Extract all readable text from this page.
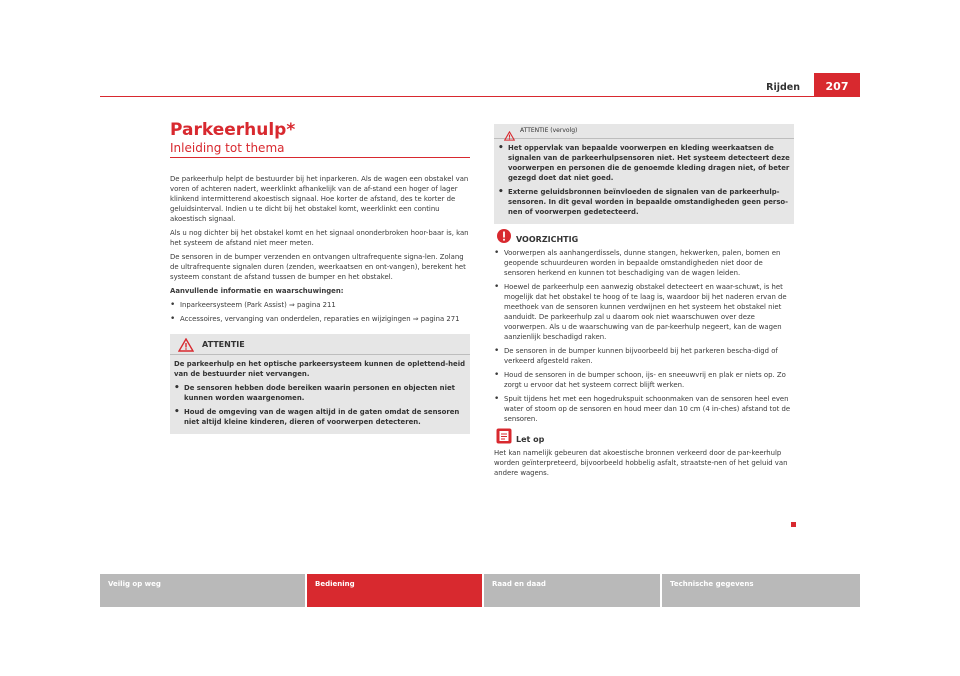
Rijden	207
Parkeerhulp*
Inleiding tot thema

De parkeerhulp helpt de bestuurder bij het inparkeren. Als de wagen een obstakel van voren of achteren nadert, weerklinkt afhankelijk van de af-stand een hoger of lager klinkend intermitterend akoestisch signaal. Hoe korter de afstand, des te korter de geluidsinterval. Indien u te dicht bij het obstakel komt, weerklinkt een continu akoestisch signaal.

Als u nog dichter bij het obstakel komt en het signaal ononderbroken hoor-baar is, kan het systeem de afstand niet meer meten.

De sensoren in de bumper verzenden en ontvangen ultrafrequente signa-len. Zolang de ultrafrequente signalen duren (zenden, weerkaatsen en ont-vangen), berekent het systeem constant de afstand tussen de bumper en het obstakel.

Aanvullende informatie en waarschuwingen:

• Inparkeersysteem (Park Assist) ⇒ pagina 211

• Accessoires, vervanging van onderdelen, reparaties en wijzigingen ⇒ pagina 271

ATTENTIE

De parkeerhulp en het optische parkeersysteem kunnen de oplettend-heid van de bestuurder niet vervangen.

• De sensoren hebben dode bereiken waarin personen en objecten niet kunnen worden waargenomen.

• Houd de omgeving van de wagen altijd in de gaten omdat de sensoren niet altijd kleine kinderen, dieren of voorwerpen detecteren.

ATTENTIE (vervolg)

• Het oppervlak van bepaalde voorwerpen en kleding weerkaatsen de signalen van de parkeerhulpsensoren niet. Het systeem detecteert deze voorwerpen en personen die de genoemde kleding dragen niet, of beter gezegd doet dat niet goed.

• Externe geluidsbronnen beïnvloeden de signalen van de parkeerhulp-sensoren. In dit geval worden in bepaalde omstandigheden geen perso-nen of voorwerpen gedetecteerd.

VOORZICHTIG

• Voorwerpen als aanhangerdissels, dunne stangen, hekwerken, palen, bomen en geopende schuurdeuren worden in bepaalde omstandigheden niet door de sensoren herkend en kunnen tot beschadiging van de wagen leiden.

• Hoewel de parkeerhulp een aanwezig obstakel detecteert en waar-schuwt, is het mogelijk dat het obstakel te hoog of te laag is, waardoor bij het naderen ervan de meethoek van de sensoren kunnen verdwijnen en het systeem het obstakel niet aanduidt. De parkeerhulp zal u daarom ook niet waarschuwen over deze voorwerpen. Als u de waarschuwing van de par-keerhulp negeert, kan de wagen aanzienlijk beschadigd raken.

• De sensoren in de bumper kunnen bijvoorbeeld bij het parkeren bescha-digd of verkeerd afgesteld raken.

• Houd de sensoren in de bumper schoon, ijs- en sneeuwvrij en plak er niets op. Zo zorgt u ervoor dat het systeem correct blijft werken.

• Spuit tijdens het met een hogedrukspuit schoonmaken van de sensoren heel even water of stoom op de sensoren en houd meer dan 10 cm (4 in-ches) afstand tot de sensoren.

Let op

Het kan namelijk gebeuren dat akoestische bronnen verkeerd door de par-keerhulp worden geïnterpreteerd, bijvoorbeeld hobbelig asfalt, straatste-nen of het geluid van andere wagens.

Veilig op weg	Bediening	Raad en daad	Technische gegevens
